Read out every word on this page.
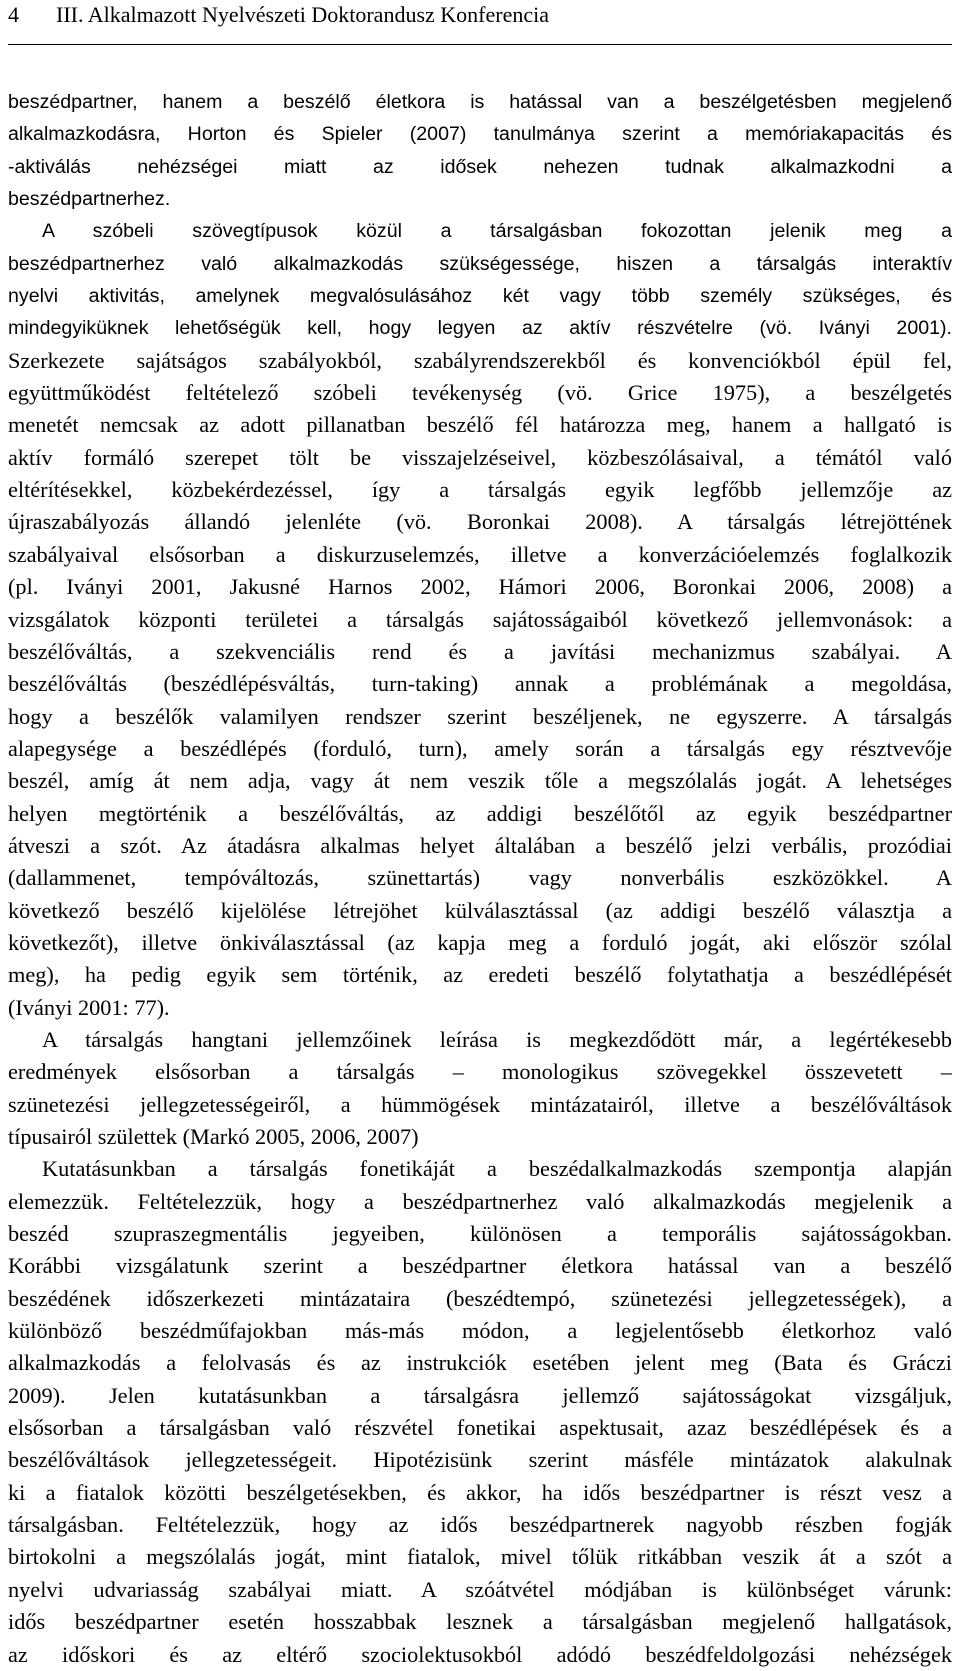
4 III. Alkalmazott Nyelvészeti Doktorandusz Konferencia
beszédpartner, hanem a beszélő életkora is hatással van a beszélgetésben megjelenő
alkalmazkodásra, Horton és Spieler (2007) tanulmánya szerint a memóriakapacitás és
-aktiválás nehézségei miatt az idősek nehezen tudnak alkalmazkodni a
beszédpartnerhez.
A szóbeli szövegtípusok közül a társalgásban fokozottan jelenik meg a
beszédpartnerhez való alkalmazkodás szükségessége, hiszen a társalgás interaktív
nyelvi aktivitás, amelynek megvalósulásához két vagy több személy szükséges, és
mindegyiküknek lehetőségük kell, hogy legyen az aktív részvételre (vö. Iványi 2001).
Szerkezete sajátságos szabályokból, szabályrendszerekből és konvenciókból épül fel,
együttműködést feltételező szóbeli tevékenység (vö. Grice 1975), a beszélgetés
menetét nemcsak az adott pillanatban beszélő fél határozza meg, hanem a hallgató is
aktív formáló szerepet tölt be visszajelzéseivel, közbeszólásaival, a témától való
eltérítésekkel, közbekérdezéssel, így a társalgás egyik legfőbb jellemzője az
újraszabályozás állandó jelenléte (vö. Boronkai 2008). A társalgás létrejöttének
szabályaival elsősorban a diskurzuselemzés, illetve a konverzációelemzés foglalkozik
(pl. Iványi 2001, Jakusné Harnos 2002, Hámori 2006, Boronkai 2006, 2008) a
vizsgálatok központi területei a társalgás sajátosságaiból következő jellemvonások: a
beszélőváltás, a szekvenciális rend és a javítási mechanizmus szabályai. A
beszélőváltás (beszédlépésváltás, turn-taking) annak a problémának a megoldása,
hogy a beszélők valamilyen rendszer szerint beszéljenek, ne egyszerre. A társalgás
alapegysége a beszédlépés (forduló, turn), amely során a társalgás egy résztvevője
beszél, amíg át nem adja, vagy át nem veszik tőle a megszólalás jogát. A lehetséges
helyen megtörténik a beszélőváltás, az addigi beszélőtől az egyik beszédpartner
átveszi a szót. Az átadásra alkalmas helyet általában a beszélő jelzi verbális, prozódiai
(dallammenet, tempóváltozás, szünettartás) vagy nonverbális eszközökkel. A
következő beszélő kijelölése létrejöhet külválasztással (az addigi beszélő választja a
következőt), illetve önkiválasztással (az kapja meg a forduló jogát, aki először szólal
meg), ha pedig egyik sem történik, az eredeti beszélő folytathatja a beszédlépését
(Iványi 2001: 77).
A társalgás hangtani jellemzőinek leírása is megkezdődött már, a legértékesebb
eredmények elsősorban a társalgás – monologikus szövegekkel összevetett –
szünetezési jellegzetességeiről, a hümmögések mintázatairól, illetve a beszélőváltások
típusairól születtek (Markó 2005, 2006, 2007)
Kutatásunkban a társalgás fonetikáját a beszédalkalmazkodás szempontja alapján
elemezzük. Feltételezzük, hogy a beszédpartnerhez való alkalmazkodás megjelenik a
beszéd szupraszegmentális jegyeiben, különösen a temporális sajátosságokban.
Korábbi vizsgálatunk szerint a beszédpartner életkora hatással van a beszélő
beszédének időszerkezeti mintázataira (beszédtempó, szünetezési jellegzetességek), a
különböző beszédműfajokban más-más módon, a legjelentősebb életkorhoz való
alkalmazkodás a felolvasás és az instrukciók esetében jelent meg (Bata és Gráczi
2009). Jelen kutatásunkban a társalgásra jellemző sajátosságokat vizsgáljuk,
elsősorban a társalgásban való részvétel fonetikai aspektusait, azaz beszédlépések és a
beszélőváltások jellegzetességeit. Hipotézisünk szerint másféle mintázatok alakulnak
ki a fiatalok közötti beszélgetésekben, és akkor, ha idős beszédpartner is részt vesz a
társalgásban. Feltételezzük, hogy az idős beszédpartnerek nagyobb részben fogják
birtokolni a megszólalás jogát, mint fiatalok, mivel tőlük ritkábban veszik át a szót a
nyelvi udvariasság szabályai miatt. A szóátvétel módjában is különbséget várunk:
idős beszédpartner esetén hosszabbak lesznek a társalgásban megjelenő hallgatások,
az időskori és az eltérő szociolektusokból adódó beszédfeldolgozási nehézségek
